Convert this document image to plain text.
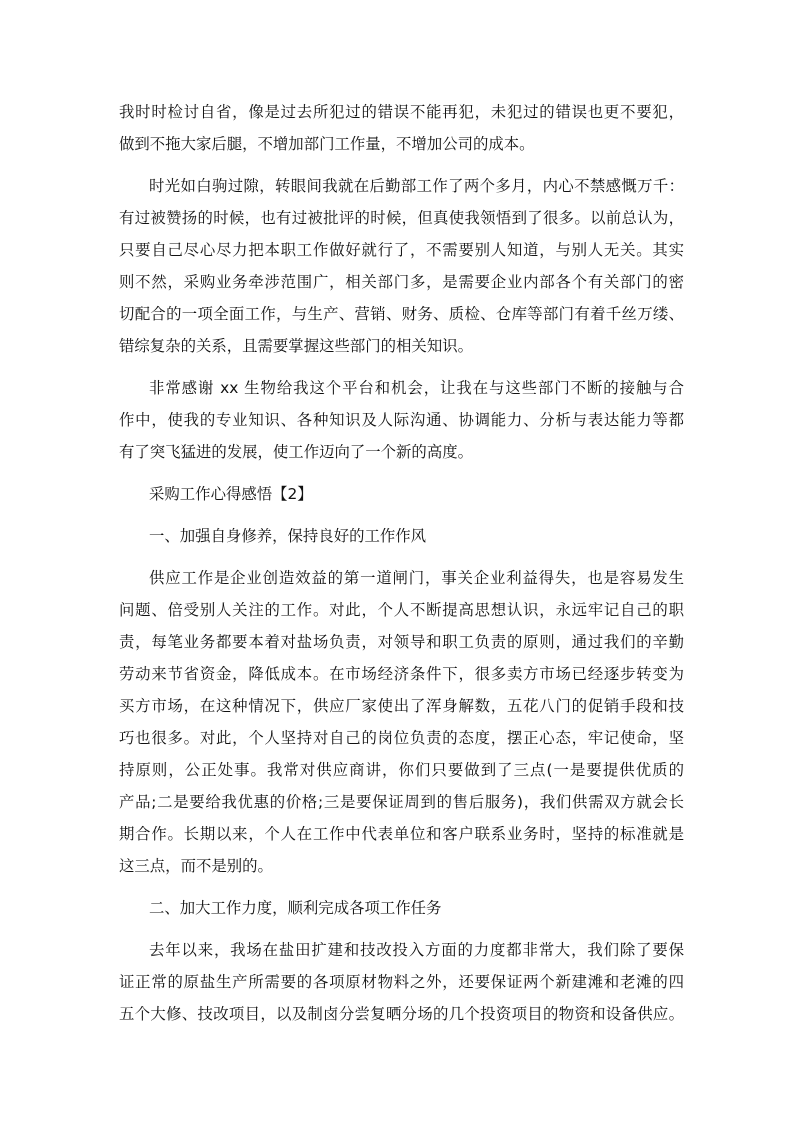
我时时检讨自省，像是过去所犯过的错误不能再犯，未犯过的错误也更不要犯，
做到不拖大家后腿，不增加部门工作量，不增加公司的成本。
时光如白驹过隙，转眼间我就在后勤部工作了两个多月，内心不禁感慨万千：
有过被赞扬的时候，也有过被批评的时候，但真使我领悟到了很多。以前总认为，
只要自己尽心尽力把本职工作做好就行了，不需要别人知道，与别人无关。其实
则不然，采购业务牵涉范围广，相关部门多，是需要企业内部各个有关部门的密
切配合的一项全面工作，与生产、营销、财务、质检、仓库等部门有着千丝万缕、
错综复杂的关系，且需要掌握这些部门的相关知识。
非常感谢 xx 生物给我这个平台和机会，让我在与这些部门不断的接触与合
作中，使我的专业知识、各种知识及人际沟通、协调能力、分析与表达能力等都
有了突飞猛进的发展，使工作迈向了一个新的高度。
采购工作心得感悟【2】
一、加强自身修养，保持良好的工作作风
供应工作是企业创造效益的第一道闸门，事关企业利益得失，也是容易发生
问题、倍受别人关注的工作。对此，个人不断提高思想认识，永远牢记自己的职
责，每笔业务都要本着对盐场负责，对领导和职工负责的原则，通过我们的辛勤
劳动来节省资金，降低成本。在市场经济条件下，很多卖方市场已经逐步转变为
买方市场，在这种情况下，供应厂家使出了浑身解数，五花八门的促销手段和技
巧也很多。对此，个人坚持对自己的岗位负责的态度，摆正心态，牢记使命，坚
持原则，公正处事。我常对供应商讲，你们只要做到了三点(一是要提供优质的
产品;二是要给我优惠的价格;三是要保证周到的售后服务)，我们供需双方就会长
期合作。长期以来，个人在工作中代表单位和客户联系业务时，坚持的标准就是
这三点，而不是别的。
二、加大工作力度，顺利完成各项工作任务
去年以来，我场在盐田扩建和技改投入方面的力度都非常大，我们除了要保
证正常的原盐生产所需要的各项原材物料之外，还要保证两个新建滩和老滩的四
五个大修、技改项目，以及制卤分尝复晒分场的几个投资项目的物资和设备供应。
